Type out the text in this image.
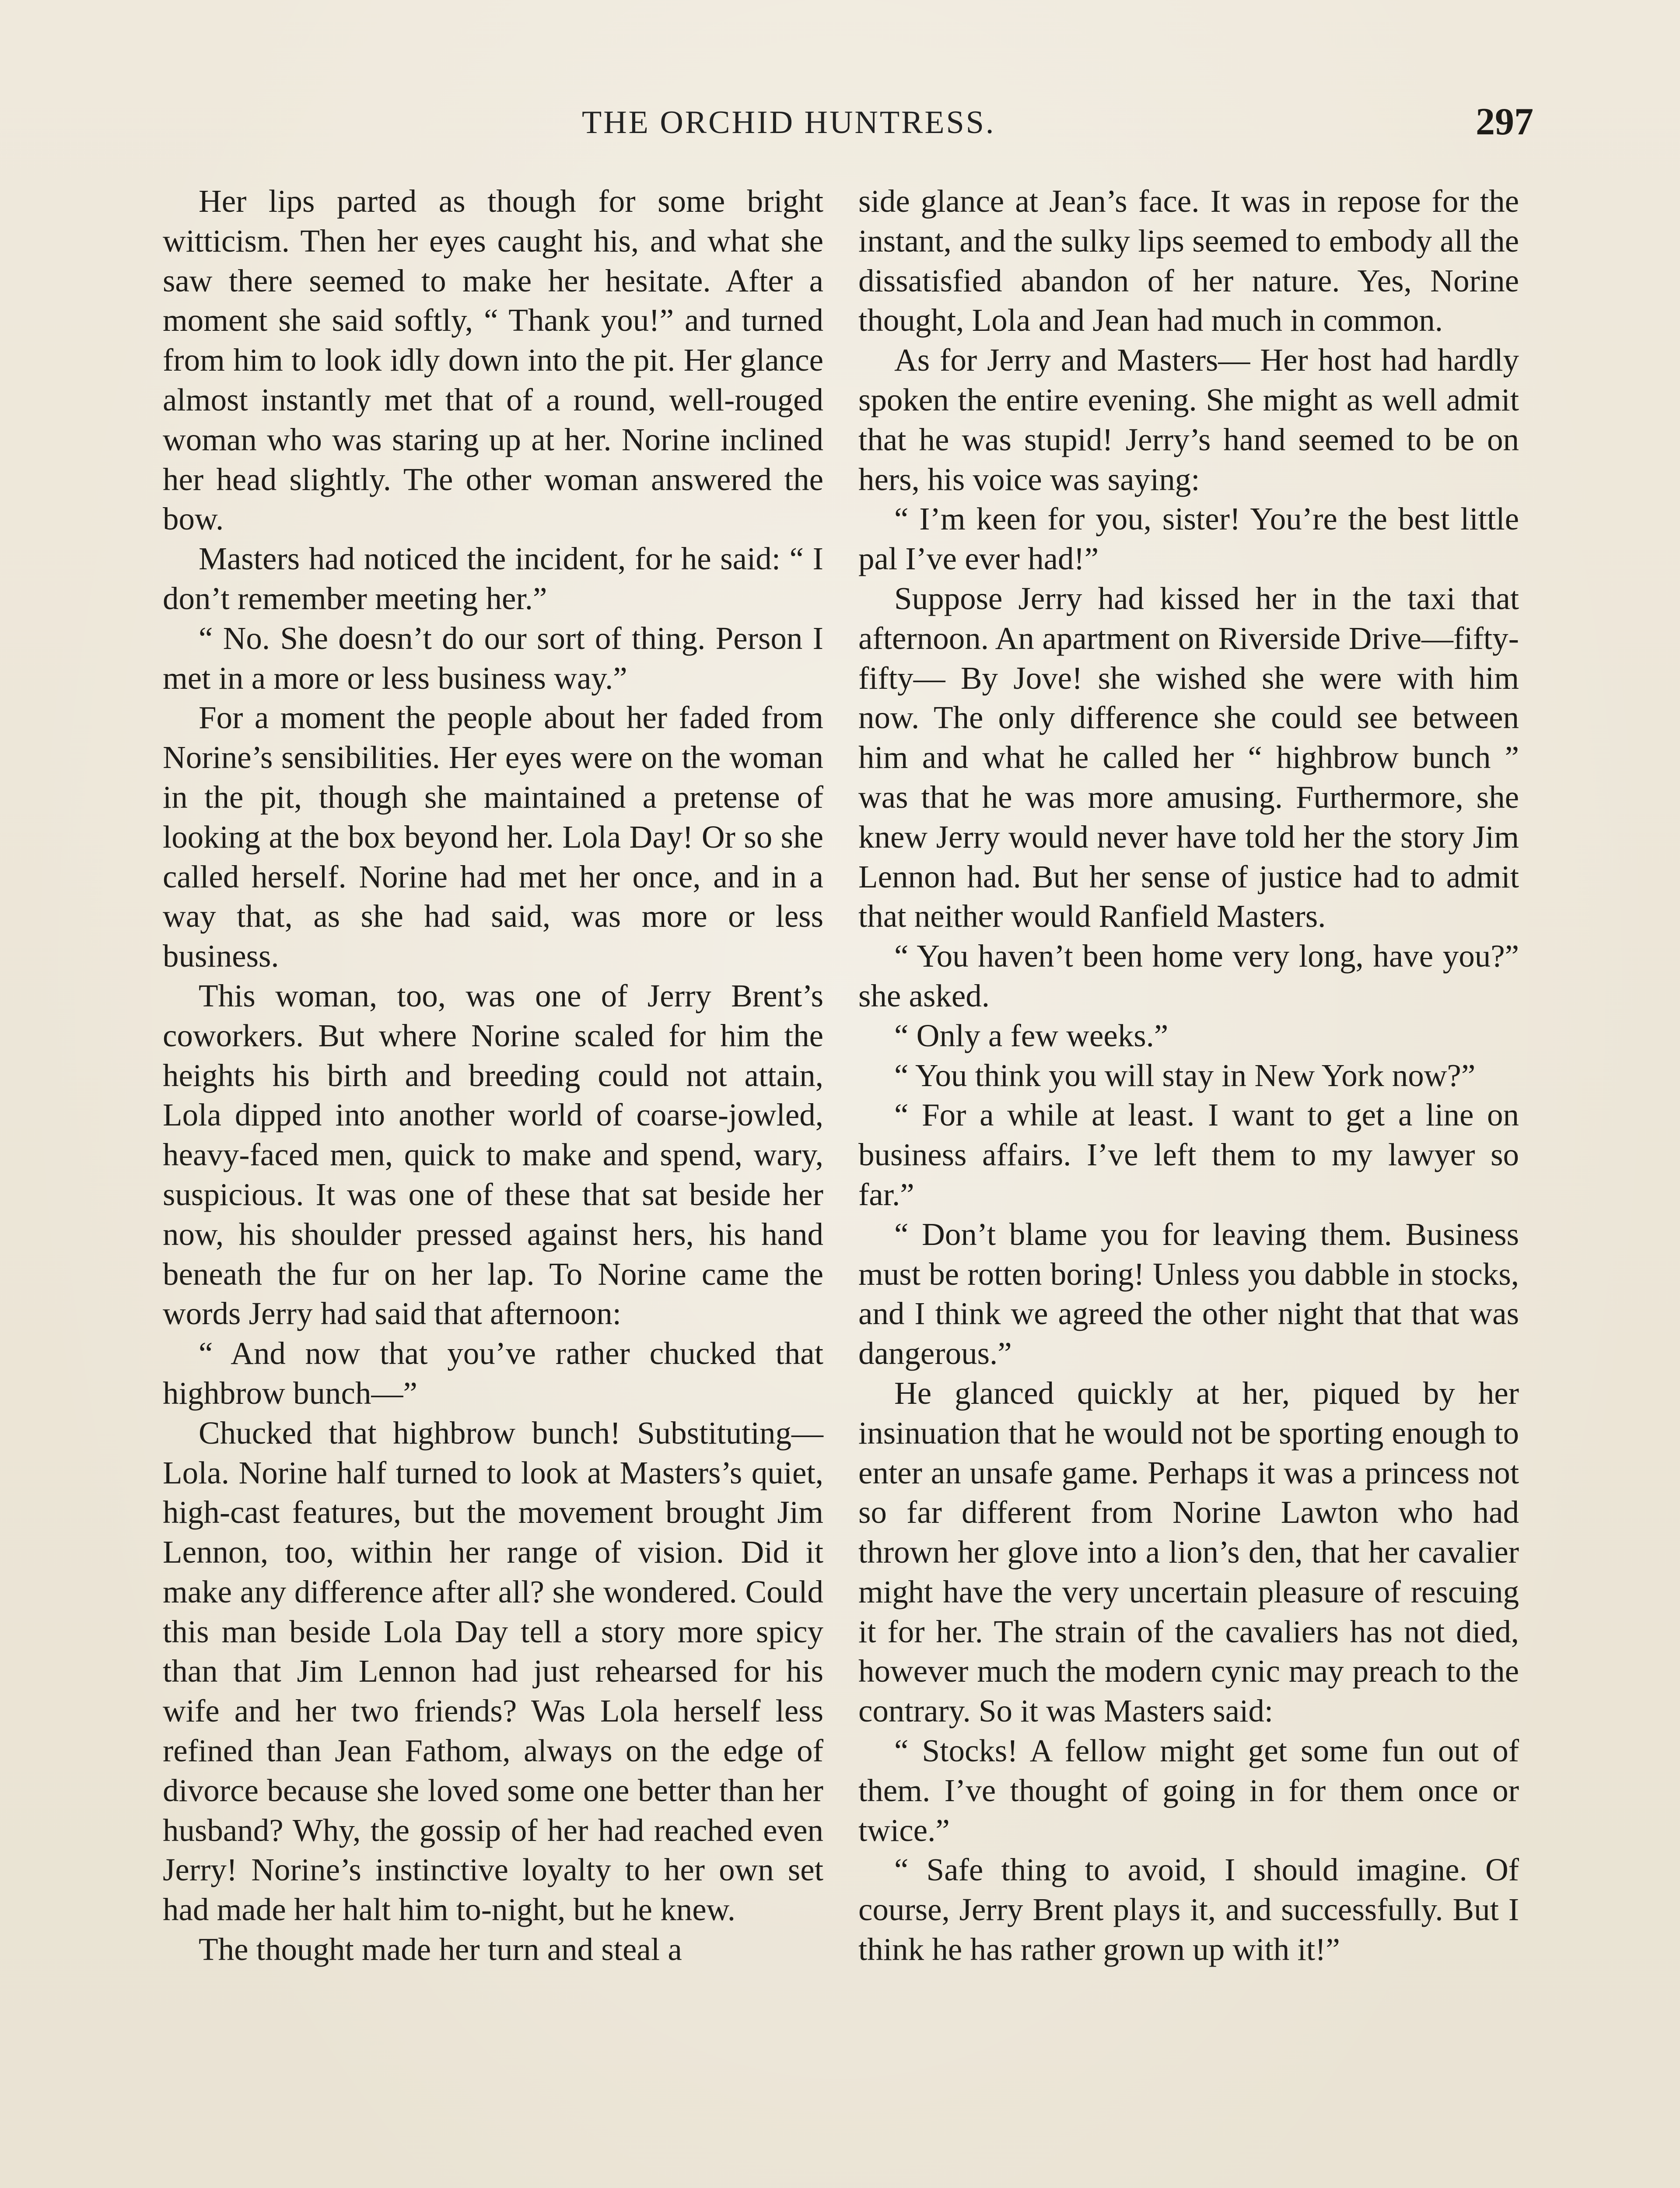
THE ORCHID HUNTRESS.	297

Her lips parted as though for some bright witticism. Then her eyes caught his, and what she saw there seemed to make her hesitate. After a moment she said softly, “ Thank you!” and turned from him to look idly down into the pit. Her glance almost instantly met that of a round, well-rouged woman who was staring up at her. Norine inclined her head slightly. The other woman answered the bow.

Masters had noticed the incident, for he said: “ I don’t remember meeting her.”

“ No. She doesn’t do our sort of thing. Person I met in a more or less business way.”

For a moment the people about her faded from Norine’s sensibilities. Her eyes were on the woman in the pit, though she maintained a pretense of looking at the box beyond her. Lola Day! Or so she called herself. Norine had met her once, and in a way that, as she had said, was more or less business.

This woman, too, was one of Jerry Brent’s coworkers. But where Norine scaled for him the heights his birth and breeding could not attain, Lola dipped into another world of coarse-jowled, heavy-faced men, quick to make and spend, wary, suspicious. It was one of these that sat beside her now, his shoulder pressed against hers, his hand beneath the fur on her lap. To Norine came the words Jerry had said that afternoon:

“ And now that you’ve rather chucked that highbrow bunch—”

Chucked that highbrow bunch! Substituting—Lola. Norine half turned to look at Masters’s quiet, high-cast features, but the movement brought Jim Lennon, too, within her range of vision. Did it make any difference after all? she wondered. Could this man beside Lola Day tell a story more spicy than that Jim Lennon had just rehearsed for his wife and her two friends? Was Lola herself less refined than Jean Fathom, always on the edge of divorce because she loved some one better than her husband? Why, the gossip of her had reached even Jerry! Norine’s instinctive loyalty to her own set had made her halt him to-night, but he knew.

The thought made her turn and steal a

side glance at Jean’s face. It was in repose for the instant, and the sulky lips seemed to embody all the dissatisfied abandon of her nature. Yes, Norine thought, Lola and Jean had much in common.

As for Jerry and Masters— Her host had hardly spoken the entire evening. She might as well admit that he was stupid! Jerry’s hand seemed to be on hers, his voice was saying:

“ I’m keen for you, sister! You’re the best little pal I’ve ever had!”

Suppose Jerry had kissed her in the taxi that afternoon. An apartment on Riverside Drive—fifty-fifty— By Jove! she wished she were with him now. The only difference she could see between him and what he called her “ highbrow bunch ” was that he was more amusing. Furthermore, she knew Jerry would never have told her the story Jim Lennon had. But her sense of justice had to admit that neither would Ranfield Masters.

“ You haven’t been home very long, have you?” she asked.

“ Only a few weeks.”

“ You think you will stay in New York now?”

“ For a while at least. I want to get a line on business affairs. I’ve left them to my lawyer so far.”

“ Don’t blame you for leaving them. Business must be rotten boring! Unless you dabble in stocks, and I think we agreed the other night that that was dangerous.”

He glanced quickly at her, piqued by her insinuation that he would not be sporting enough to enter an unsafe game. Perhaps it was a princess not so far different from Norine Lawton who had thrown her glove into a lion’s den, that her cavalier might have the very uncertain pleasure of rescuing it for her. The strain of the cavaliers has not died, however much the modern cynic may preach to the contrary. So it was Masters said:

“ Stocks! A fellow might get some fun out of them. I’ve thought of going in for them once or twice.”

“ Safe thing to avoid, I should imagine. Of course, Jerry Brent plays it, and successfully. But I think he has rather grown up with it!”
